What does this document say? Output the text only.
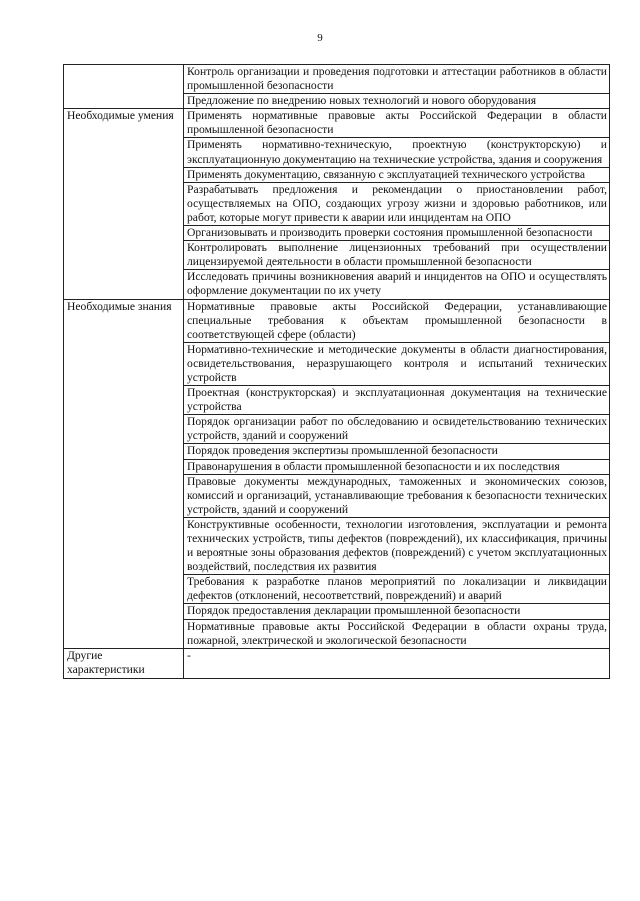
9
	Контроль организации и проведения подготовки и аттестации работников в области промышленной безопасности
	Предложение по внедрению новых технологий и нового оборудования
Необходимые умения	Применять нормативные правовые акты Российской Федерации в области промышленной безопасности
	Применять нормативно-техническую, проектную (конструкторскую) и эксплуатационную документацию на технические устройства, здания и сооружения
	Применять документацию, связанную с эксплуатацией технического устройства
	Разрабатывать предложения и рекомендации о приостановлении работ, осуществляемых на ОПО, создающих угрозу жизни и здоровью работников, или работ, которые могут привести к аварии или инцидентам на ОПО
	Организовывать и производить проверки состояния промышленной безопасности
	Контролировать выполнение лицензионных требований при осуществлении лицензируемой деятельности в области промышленной безопасности
	Исследовать причины возникновения аварий и инцидентов на ОПО и осуществлять оформление документации по их учету
Необходимые знания	Нормативные правовые акты Российской Федерации, устанавливающие специальные требования к объектам промышленной безопасности в соответствующей сфере (области)
	Нормативно-технические и методические документы в области диагностирования, освидетельствования, неразрушающего контроля и испытаний технических устройств
	Проектная (конструкторская) и эксплуатационная документация на технические устройства
	Порядок организации работ по обследованию и освидетельствованию технических устройств, зданий и сооружений
	Порядок проведения экспертизы промышленной безопасности
	Правонарушения в области промышленной безопасности и их последствия
	Правовые документы международных, таможенных и экономических союзов, комиссий и организаций, устанавливающие требования к безопасности технических устройств, зданий и сооружений
	Конструктивные особенности, технологии изготовления, эксплуатации и ремонта технических устройств, типы дефектов (повреждений), их классификация, причины и вероятные зоны образования дефектов (повреждений) с учетом эксплуатационных воздействий, последствия их развития
	Требования к разработке планов мероприятий по локализации и ликвидации дефектов (отклонений, несоответствий, повреждений) и аварий
	Порядок предоставления декларации промышленной безопасности
	Нормативные правовые акты Российской Федерации в области охраны труда, пожарной, электрической и экологической безопасности
Другие характеристики	-
